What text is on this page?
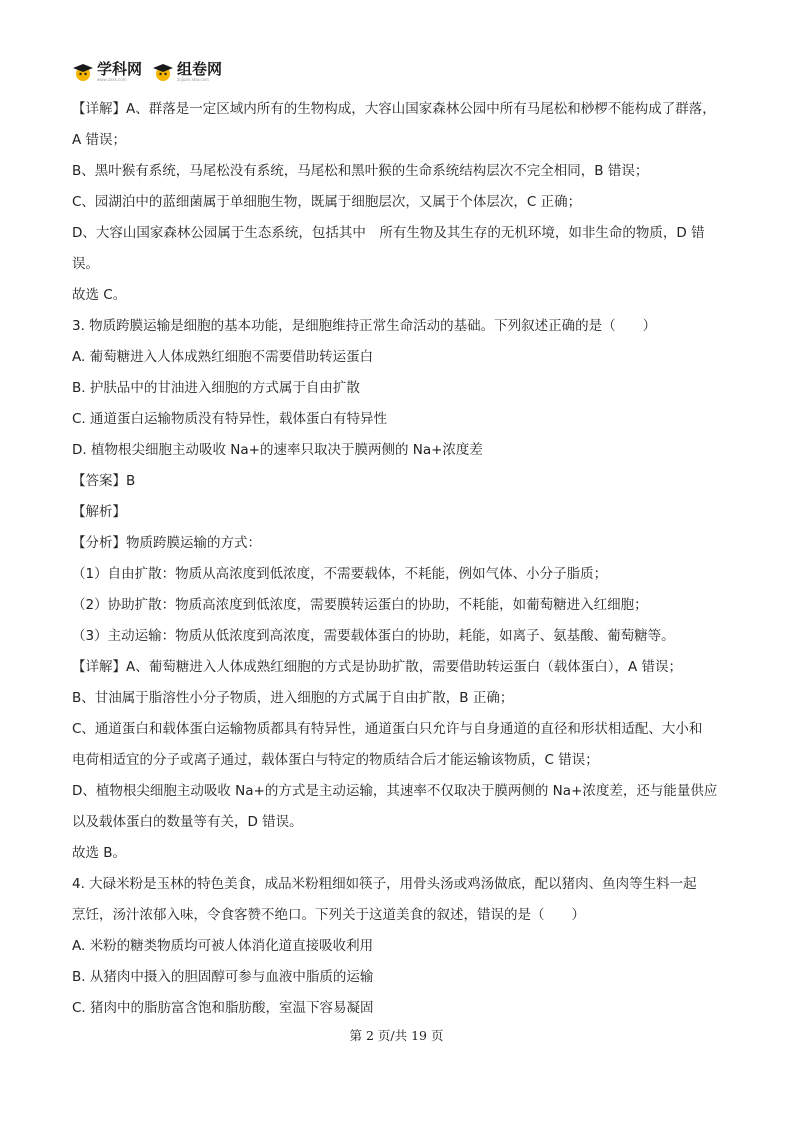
学科网
www.zxxk.com
组卷网
zujuan.xkw.com
【详解】A、群落是一定区域内所有的生物构成，大容山国家森林公园中所有马尾松和桫椤不能构成了群落，
A 错误；
B、黑叶猴有系统，马尾松没有系统，马尾松和黑叶猴的生命系统结构层次不完全相同，B 错误；
C、园湖泊中的蓝细菌属于单细胞生物，既属于细胞层次，又属于个体层次，C 正确；
D、大容山国家森林公园属于生态系统，包括其中　所有生物及其生存的无机环境，如非生命的物质，D 错
误。
故选 C。
3. 物质跨膜运输是细胞的基本功能，是细胞维持正常生命活动的基础。下列叙述正确的是（　　）
A. 葡萄糖进入人体成熟红细胞不需要借助转运蛋白
B. 护肤品中的甘油进入细胞的方式属于自由扩散
C. 通道蛋白运输物质没有特异性，载体蛋白有特异性
D. 植物根尖细胞主动吸收 Na+的速率只取决于膜两侧的 Na+浓度差
【答案】B
【解析】
【分析】物质跨膜运输的方式：
（1）自由扩散：物质从高浓度到低浓度，不需要载体，不耗能，例如气体、小分子脂质；
（2）协助扩散：物质高浓度到低浓度，需要膜转运蛋白的协助，不耗能，如葡萄糖进入红细胞；
（3）主动运输：物质从低浓度到高浓度，需要载体蛋白的协助，耗能，如离子、氨基酸、葡萄糖等。
【详解】A、葡萄糖进入人体成熟红细胞的方式是协助扩散，需要借助转运蛋白（载体蛋白），A 错误；
B、甘油属于脂溶性小分子物质，进入细胞的方式属于自由扩散，B 正确；
C、通道蛋白和载体蛋白运输物质都具有特异性，通道蛋白只允许与自身通道的直径和形状相适配、大小和
电荷相适宜的分子或离子通过，载体蛋白与特定的物质结合后才能运输该物质，C 错误；
D、植物根尖细胞主动吸收 Na+的方式是主动运输，其速率不仅取决于膜两侧的 Na+浓度差，还与能量供应
以及载体蛋白的数量等有关，D 错误。
故选 B。
4. 大碌米粉是玉林的特色美食，成品米粉粗细如筷子，用骨头汤或鸡汤做底，配以猪肉、鱼肉等生料一起
烹饪，汤汁浓郁入味，令食客赞不绝口。下列关于这道美食的叙述，错误的是（　　）
A. 米粉的糖类物质均可被人体消化道直接吸收利用
B. 从猪肉中摄入的胆固醇可参与血液中脂质的运输
C. 猪肉中的脂肪富含饱和脂肪酸，室温下容易凝固
第 2 页/共 19 页
